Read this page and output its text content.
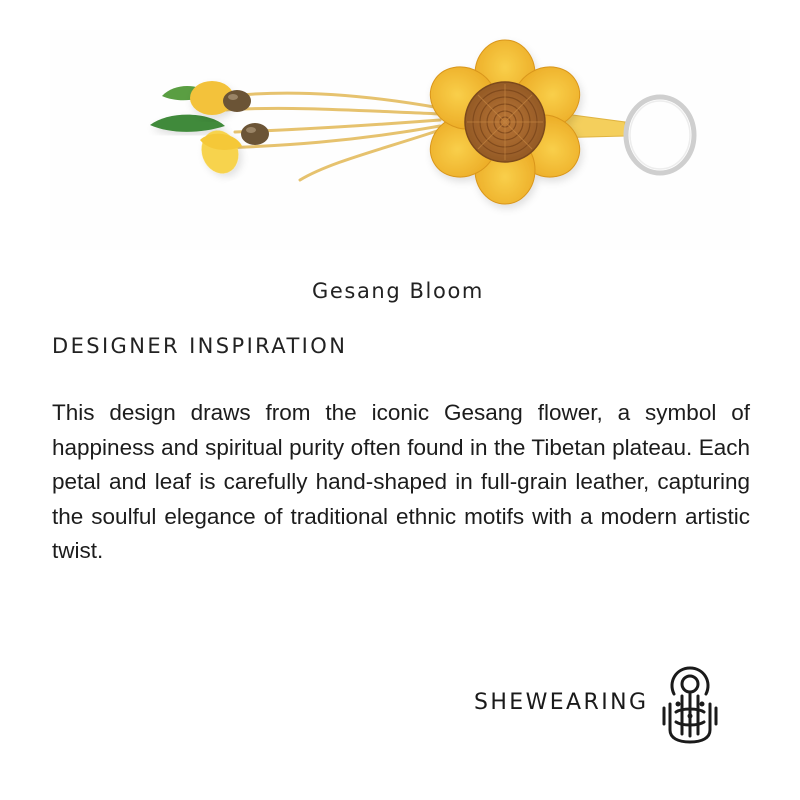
Gesang Bloom
DESIGNER INSPIRATION

This design draws from the iconic Gesang flower, a symbol of happiness and spiritual purity often found in the Tibetan plateau. Each petal and leaf is carefully hand-shaped in full-grain leather, capturing the soulful elegance of traditional ethnic motifs with a modern artistic twist.

SHEWEARING
